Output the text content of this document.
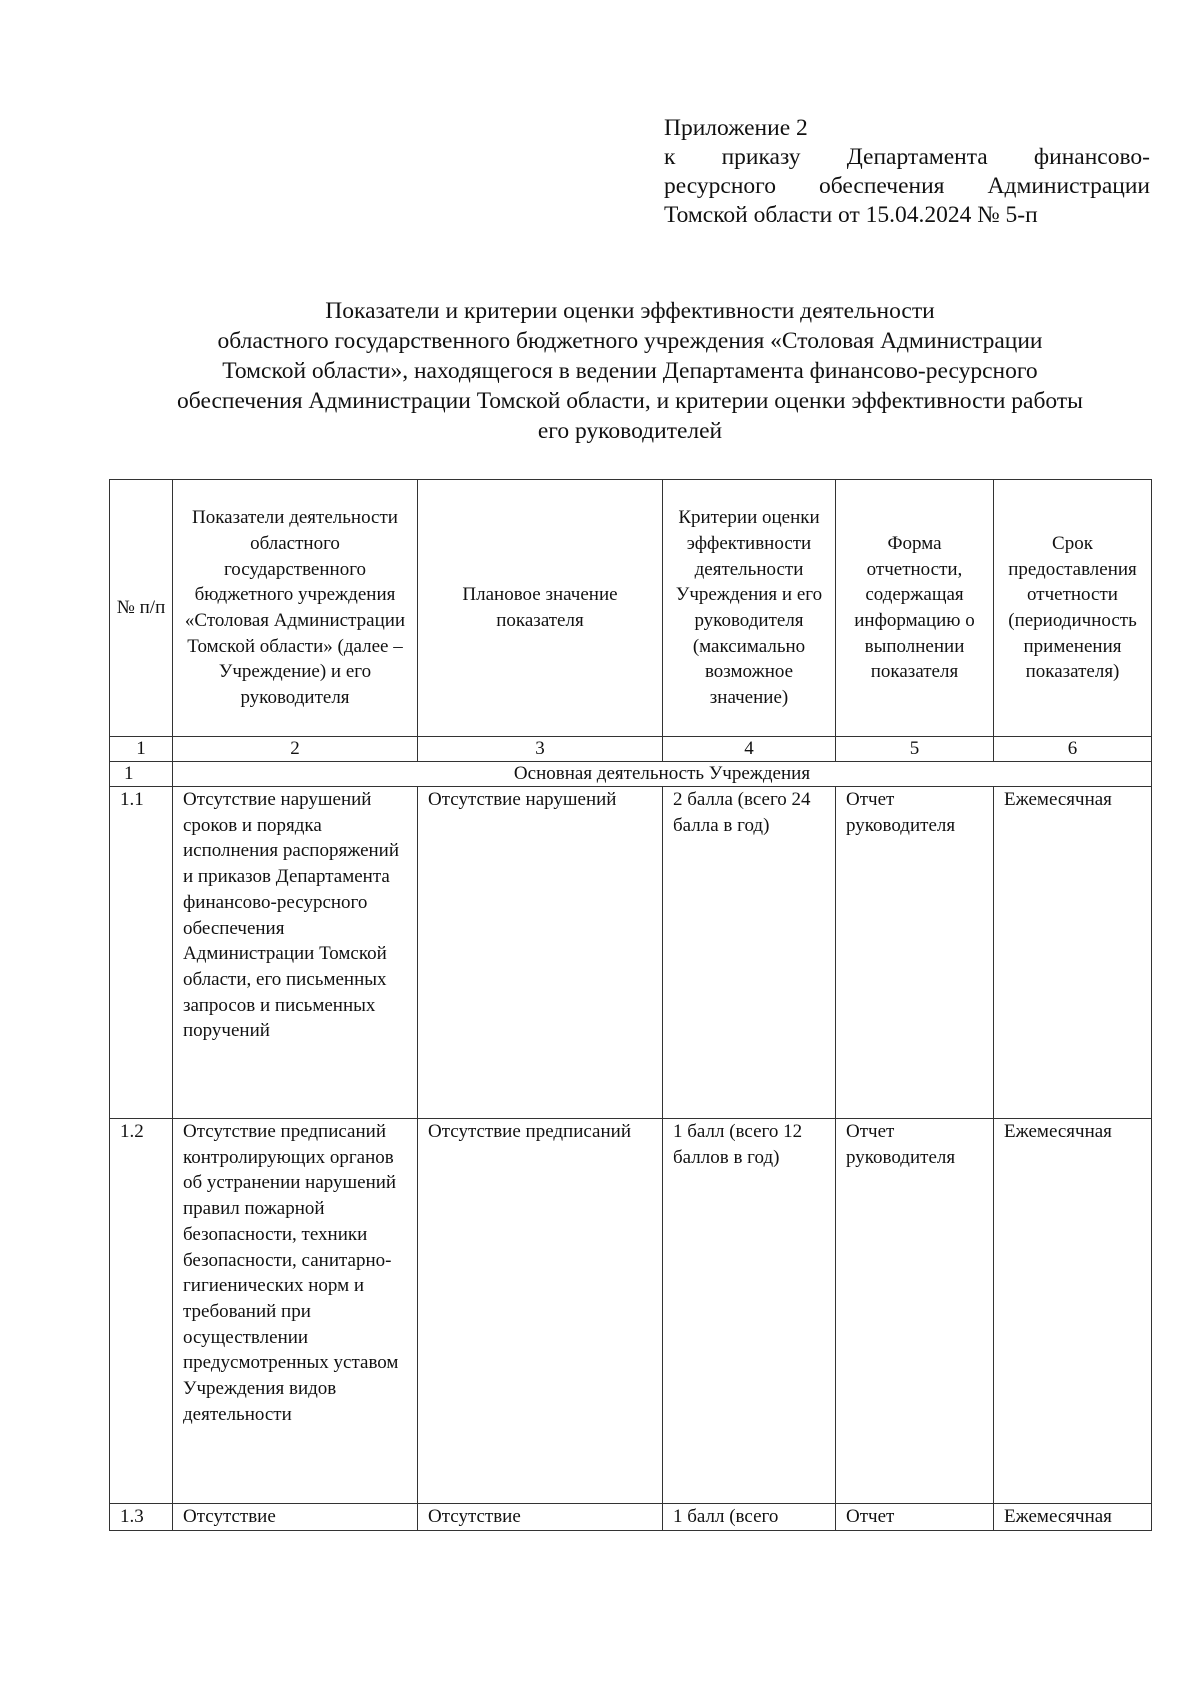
Приложение 2
к приказу Департамента финансово-
ресурсного обеспечения Администрации
Томской области от 15.04.2024 № 5-п
Показатели и критерии оценки эффективности деятельности
областного государственного бюджетного учреждения «Столовая Администрации
Томской области», находящегося в ведении Департамента финансово-ресурсного
обеспечения Администрации Томской области, и критерии оценки эффективности работы
его руководителей
№ п/п	Показатели деятельности областного государственного бюджетного учреждения «Столовая Администрации Томской области» (далее – Учреждение) и его руководителя	Плановое значение показателя	Критерии оценки эффективности деятельности Учреждения и его руководителя (максимально возможное значение)	Форма отчетности, содержащая информацию о выполнении показателя	Срок предоставления отчетности (периодичность применения показателя)
1	2	3	4	5	6
1	Основная деятельность Учреждения				
1.1	Отсутствие нарушений сроков и порядка исполнения распоряжений и приказов Департамента финансово-ресурсного обеспечения Администрации Томской области, его письменных запросов и письменных поручений	Отсутствие нарушений	2 балла (всего 24 балла в год)	Отчет руководителя	Ежемесячная
1.2	Отсутствие предписаний контролирующих органов об устранении нарушений правил пожарной безопасности, техники безопасности, санитарно-гигиенических норм и требований при осуществлении предусмотренных уставом Учреждения видов деятельности	Отсутствие предписаний	1 балл (всего 12 баллов в год)	Отчет руководителя	Ежемесячная
1.3	Отсутствие	Отсутствие	1 балл (всего	Отчет	Ежемесячная
